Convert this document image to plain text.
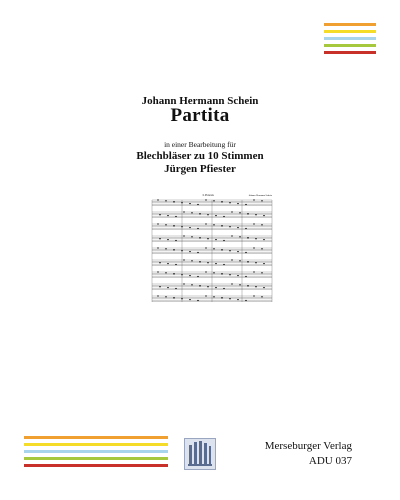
Johann Hermann Schein
Partita
in einer Bearbeitung für
Blechbläser zu 10 Stimmen
Jürgen Pfiester
I. Pavan	Johann Hermann Schein
Merseburger Verlag
ADU 037
